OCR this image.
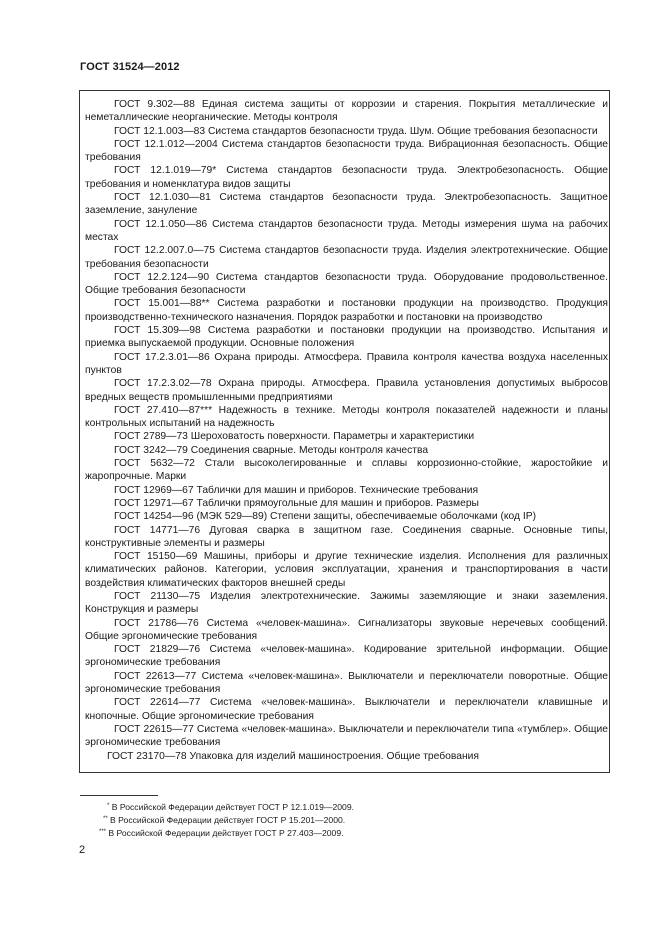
ГОСТ 31524—2012

ГОСТ 9.302—88 Единая система защиты от коррозии и старения. Покрытия металлические и неметаллические неорганические. Методы контроля

ГОСТ 12.1.003—83 Система стандартов безопасности труда. Шум. Общие требования безопасности

ГОСТ 12.1.012—2004 Система стандартов безопасности труда. Вибрационная безопасность. Общие требования

ГОСТ 12.1.019—79* Система стандартов безопасности труда. Электробезопасность. Общие требования и номенклатура видов защиты

ГОСТ 12.1.030—81 Система стандартов безопасности труда. Электробезопасность. Защитное заземление, зануление

ГОСТ 12.1.050—86 Система стандартов безопасности труда. Методы измерения шума на рабочих местах

ГОСТ 12.2.007.0—75 Система стандартов безопасности труда. Изделия электротехнические. Общие требования безопасности

ГОСТ 12.2.124—90 Система стандартов безопасности труда. Оборудование продовольственное. Общие требования безопасности

ГОСТ 15.001—88** Система разработки и постановки продукции на производство. Продукция производственно-технического назначения. Порядок разработки и постановки на производство

ГОСТ 15.309—98 Система разработки и постановки продукции на производство. Испытания и приемка выпускаемой продукции. Основные положения

ГОСТ 17.2.3.01—86 Охрана природы. Атмосфера. Правила контроля качества воздуха населенных пунктов

ГОСТ 17.2.3.02—78 Охрана природы. Атмосфера. Правила установления допустимых выбросов вредных веществ промышленными предприятиями

ГОСТ 27.410—87*** Надежность в технике. Методы контроля показателей надежности и планы контрольных испытаний на надежность

ГОСТ 2789—73 Шероховатость поверхности. Параметры и характеристики

ГОСТ 3242—79 Соединения сварные. Методы контроля качества

ГОСТ 5632—72 Стали высоколегированные и сплавы коррозионно-стойкие, жаростойкие и жаропрочные. Марки

ГОСТ 12969—67 Таблички для машин и приборов. Технические требования

ГОСТ 12971—67 Таблички прямоугольные для машин и приборов. Размеры

ГОСТ 14254—96 (МЭК 529—89) Степени защиты, обеспечиваемые оболочками (код IP)

ГОСТ 14771—76 Дуговая сварка в защитном газе. Соединения сварные. Основные типы, конструктивные элементы и размеры

ГОСТ 15150—69 Машины, приборы и другие технические изделия. Исполнения для различных климатических районов. Категории, условия эксплуатации, хранения и транспортирования в части воздействия климатических факторов внешней среды

ГОСТ 21130—75 Изделия электротехнические. Зажимы заземляющие и знаки заземления. Конструкция и размеры

ГОСТ 21786—76 Система «человек-машина». Сигнализаторы звуковые неречевых сообщений. Общие эргономические требования

ГОСТ 21829—76 Система «человек-машина». Кодирование зрительной информации. Общие эргономические требования

ГОСТ 22613—77 Система «человек-машина». Выключатели и переключатели поворотные. Общие эргономические требования

ГОСТ 22614—77 Система «человек-машина». Выключатели и переключатели клавишные и кнопочные. Общие эргономические требования

ГОСТ 22615—77 Система «человек-машина». Выключатели и переключатели типа «тумблер». Общие эргономические требования

ГОСТ 23170—78 Упаковка для изделий машиностроения. Общие требования

* В Российской Федерации действует ГОСТ Р 12.1.019—2009.

** В Российской Федерации действует ГОСТ Р 15.201—2000.

*** В Российской Федерации действует ГОСТ Р 27.403—2009.

2
